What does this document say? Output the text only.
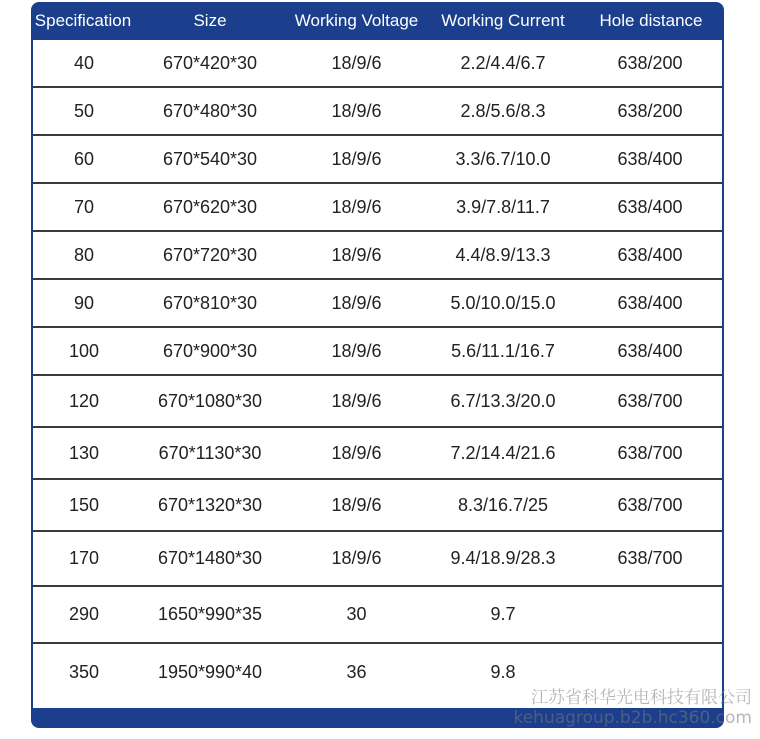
Specification	Size	Working Voltage	Working Current	Hole distance
40	670*420*30	18/9/6	2.2/4.4/6.7	638/200
50	670*480*30	18/9/6	2.8/5.6/8.3	638/200
60	670*540*30	18/9/6	3.3/6.7/10.0	638/400
70	670*620*30	18/9/6	3.9/7.8/11.7	638/400
80	670*720*30	18/9/6	4.4/8.9/13.3	638/400
90	670*810*30	18/9/6	5.0/10.0/15.0	638/400
100	670*900*30	18/9/6	5.6/11.1/16.7	638/400
120	670*1080*30	18/9/6	6.7/13.3/20.0	638/700
130	670*1130*30	18/9/6	7.2/14.4/21.6	638/700
150	670*1320*30	18/9/6	8.3/16.7/25	638/700
170	670*1480*30	18/9/6	9.4/18.9/28.3	638/700
290	1650*990*35	30	9.7
350	1950*990*40	36	9.8
江苏省科华光电科技有限公司
kehuagroup.b2b.hc360.com
